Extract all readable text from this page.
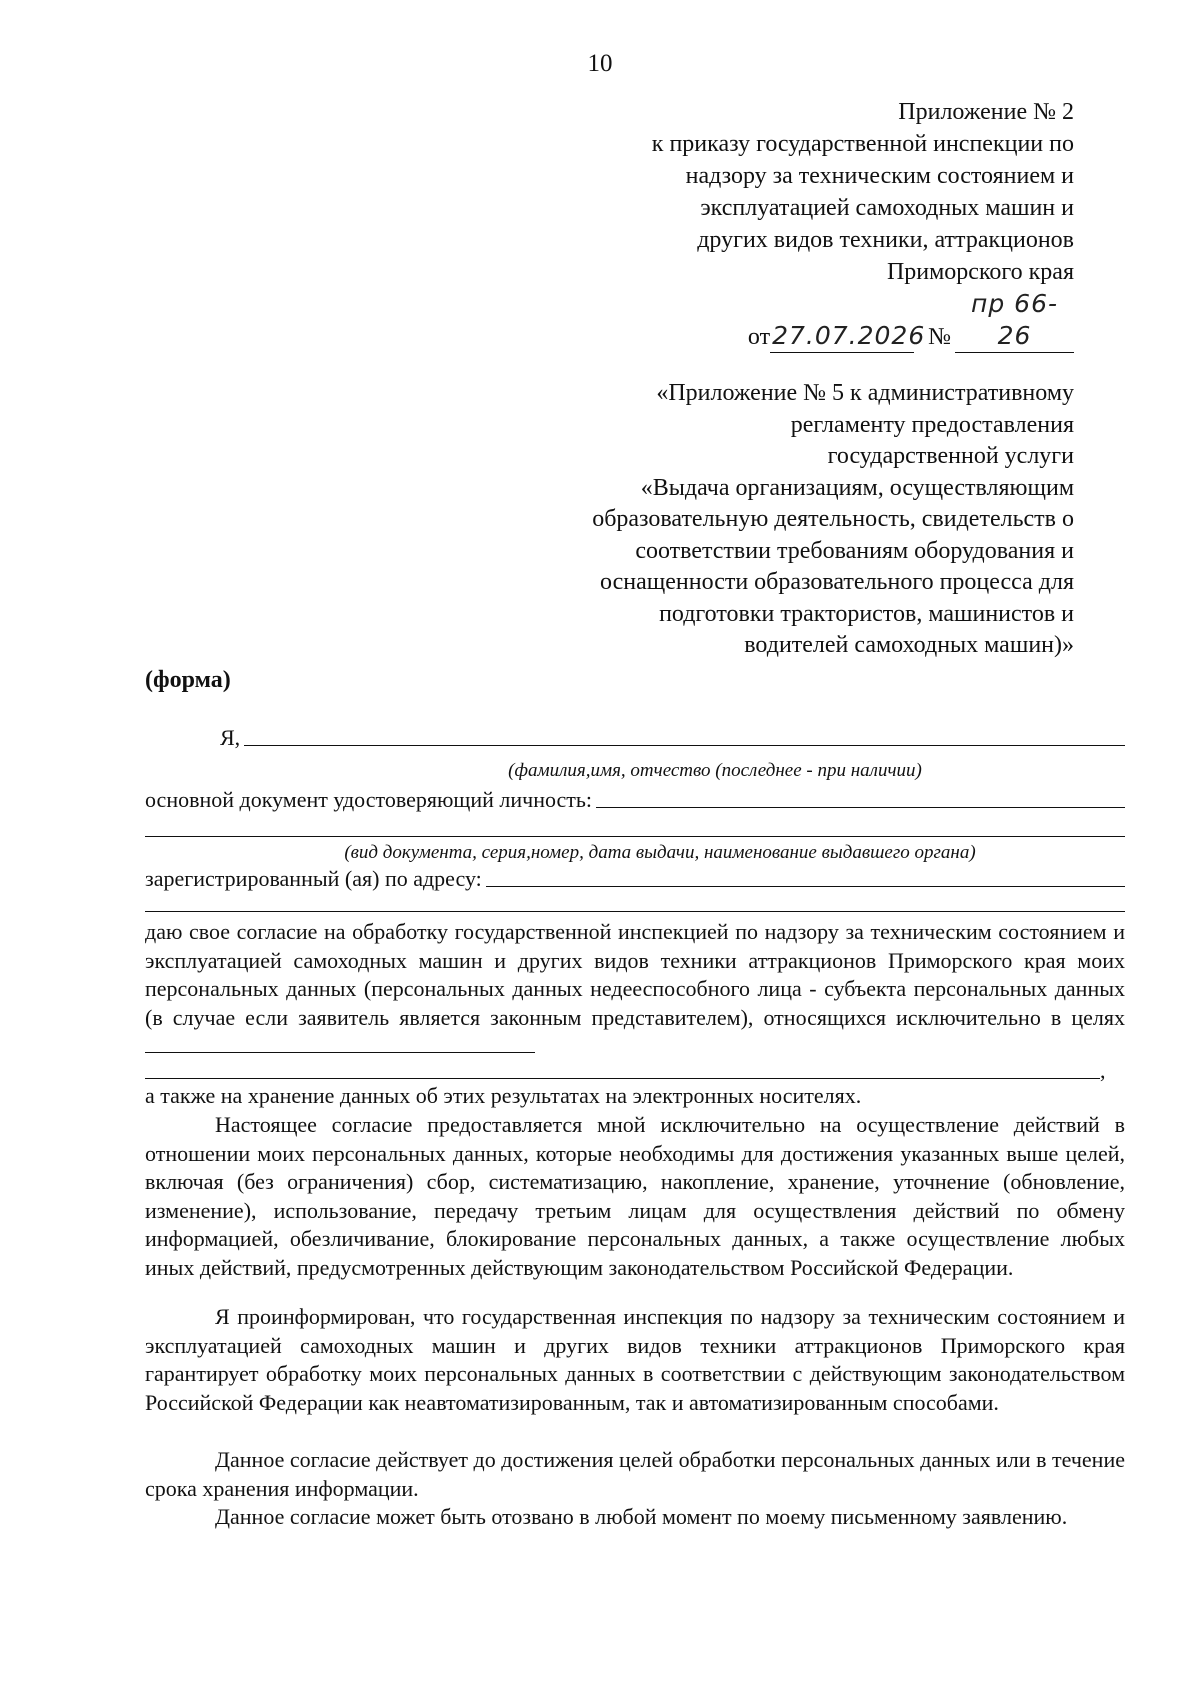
10
Приложение № 2
к приказу государственной инспекции по
надзору за техническим состоянием и
эксплуатацией самоходных машин и
других видов техники, аттракционов
Приморского края
от 27.07.2026 №
пр 66-26
«Приложение № 5 к административному
регламенту предоставления
государственной услуги
«Выдача организациям, осуществляющим
образовательную деятельность, свидетельств о
соответствии требованиям оборудования и
оснащенности образовательного процесса для
подготовки трактористов, машинистов и
водителей самоходных машин)»
(форма)
Я,
(фамилия,имя, отчество (последнее - при наличии)
основной документ удостоверяющий личность:
(вид документа, серия,номер, дата выдачи, наименование выдавшего органа)
зарегистрированный (ая) по адресу:
даю свое согласие на обработку государственной инспекцией по надзору за техническим состоянием и эксплуатацией самоходных машин и других видов техники аттракционов Приморского края моих персональных данных (персональных данных недееспособного лица - субъекта персональных данных (в случае если заявитель является законным представителем), относящихся исключительно в целях
,
а также на хранение данных об этих результатах на электронных носителях.
Настоящее согласие предоставляется мной исключительно на осуществление действий в отношении моих персональных данных, которые необходимы для достижения указанных выше целей, включая (без ограничения) сбор, систематизацию, накопление, хранение, уточнение (обновление, изменение), использование, передачу третьим лицам для осуществления действий по обмену информацией, обезличивание, блокирование персональных данных, а также осуществление любых иных действий, предусмотренных действующим законодательством Российской Федерации.
Я проинформирован, что государственная инспекция по надзору за техническим состоянием и эксплуатацией самоходных машин и других видов техники аттракционов Приморского края гарантирует обработку моих персональных данных в соответствии с действующим законодательством Российской Федерации как неавтоматизированным, так и автоматизированным способами.
Данное согласие действует до достижения целей обработки персональных данных или в течение срока хранения информации.
Данное согласие может быть отозвано в любой момент по моему письменному заявлению.
